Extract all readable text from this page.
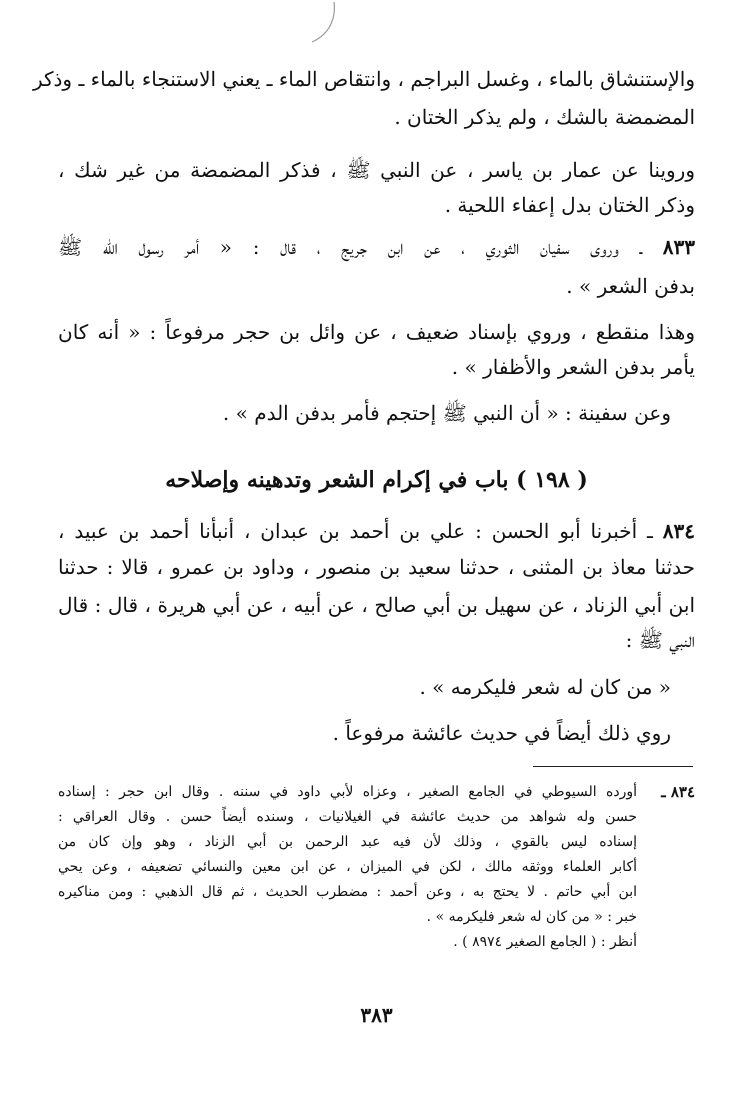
والإستنشاق بالماء ، وغسل البراجم ، وانتقاص الماء ـ يعني الاستنجاء بالماء ـ وذكر
المضمضة بالشك ، ولم يذكر الختان .
وروينا عن عمار بن ياسر ، عن النبي ﷺ ، فذكر المضمضة من غير شك ،
وذكر الختان بدل إعفاء اللحية .
٨٣٣ ـ وروى سفيان الثوري ، عن ابن جريج ، قال : « أمر رسول الله ﷺ
بدفن الشعر » .
وهذا منقطع ، وروي بإسناد ضعيف ، عن وائل بن حجر مرفوعاً : « أنه كان
يأمر بدفن الشعر والأظفار » .
وعن سفينة : « أن النبي ﷺ إحتجم فأمر بدفن الدم » .
( ١٩٨ ) باب في إكرام الشعر وتدهينه وإصلاحه
٨٣٤ ـ أخبرنا أبو الحسن : علي بن أحمد بن عبدان ، أنبأنا أحمد بن عبيد ،
حدثنا معاذ بن المثنى ، حدثنا سعيد بن منصور ، وداود بن عمرو ، قالا : حدثنا
ابن أبي الزناد ، عن سهيل بن أبي صالح ، عن أبيه ، عن أبي هريرة ، قال : قال
النبي ﷺ :
« من كان له شعر فليكرمه » .
روي ذلك أيضاً في حديث عائشة مرفوعاً .
٨٣٤ ـ
أورده السيوطي في الجامع الصغير ، وعزاه لأبي داود في سننه . وقال ابن حجر : إسناده
حسن وله شواهد من حديث عائشة في الغيلانيات ، وسنده أيضاً حسن . وقال العراقي :
إسناده ليس بالقوي ، وذلك لأن فيه عبد الرحمن بن أبي الزناد ، وهو وإن كان من
أكابر العلماء ووثقه مالك ، لكن في الميزان ، عن ابن معين والنسائي تضعيفه ، وعن يحي
ابن أبي حاتم . لا يحتج به ، وعن أحمد : مضطرب الحديث ، ثم قال الذهبي : ومن مناكيره
خبر : « من كان له شعر فليكرمه » .
أنظر : ( الجامع الصغير ٨٩٧٤ ) .
٣٨٣
